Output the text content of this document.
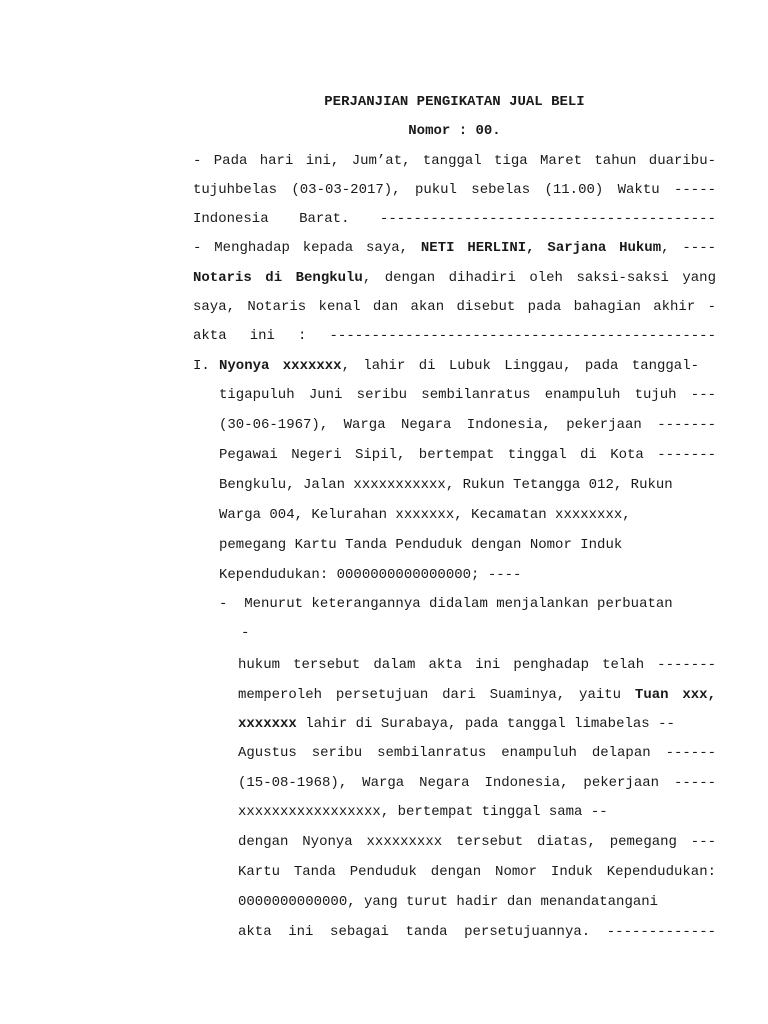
PERJANJIAN PENGIKATAN JUAL BELI
Nomor : 00.
- Pada hari ini, Jum’at, tanggal tiga Maret tahun duaribu-
tujuhbelas (03-03-2017), pukul sebelas (11.00) Waktu -----
Indonesia Barat. ----------------------------------------
- Menghadap kepada saya, NETI HERLINI, Sarjana Hukum, ----
Notaris di Bengkulu, dengan dihadiri oleh saksi-saksi yang
saya, Notaris kenal dan akan disebut pada bahagian akhir -
akta ini : ----------------------------------------------
I. Nyonya xxxxxxx, lahir di Lubuk Linggau, pada tanggal-
tigapuluh Juni seribu sembilanratus enampuluh tujuh ---
(30-06-1967), Warga Negara Indonesia, pekerjaan -------
Pegawai Negeri Sipil, bertempat tinggal di Kota -------
Bengkulu, Jalan xxxxxxxxxxx, Rukun Tetangga 012, Rukun
Warga 004, Kelurahan xxxxxxx, Kecamatan xxxxxxxx,
pemegang Kartu Tanda Penduduk dengan Nomor Induk
Kependudukan: 0000000000000000; ----
-  Menurut keterangannya didalam menjalankan perbuatan
-
hukum tersebut dalam akta ini penghadap telah -------
memperoleh persetujuan dari Suaminya, yaitu Tuan xxx,
xxxxxxx lahir di Surabaya, pada tanggal limabelas --
Agustus seribu sembilanratus enampuluh delapan ------
(15-08-1968), Warga Negara Indonesia, pekerjaan -----
xxxxxxxxxxxxxxxxx, bertempat tinggal sama --
dengan Nyonya xxxxxxxxx tersebut diatas, pemegang ---
Kartu Tanda Penduduk dengan Nomor Induk Kependudukan:
0000000000000, yang turut hadir dan menandatangani
akta ini sebagai tanda persetujuannya. -------------
